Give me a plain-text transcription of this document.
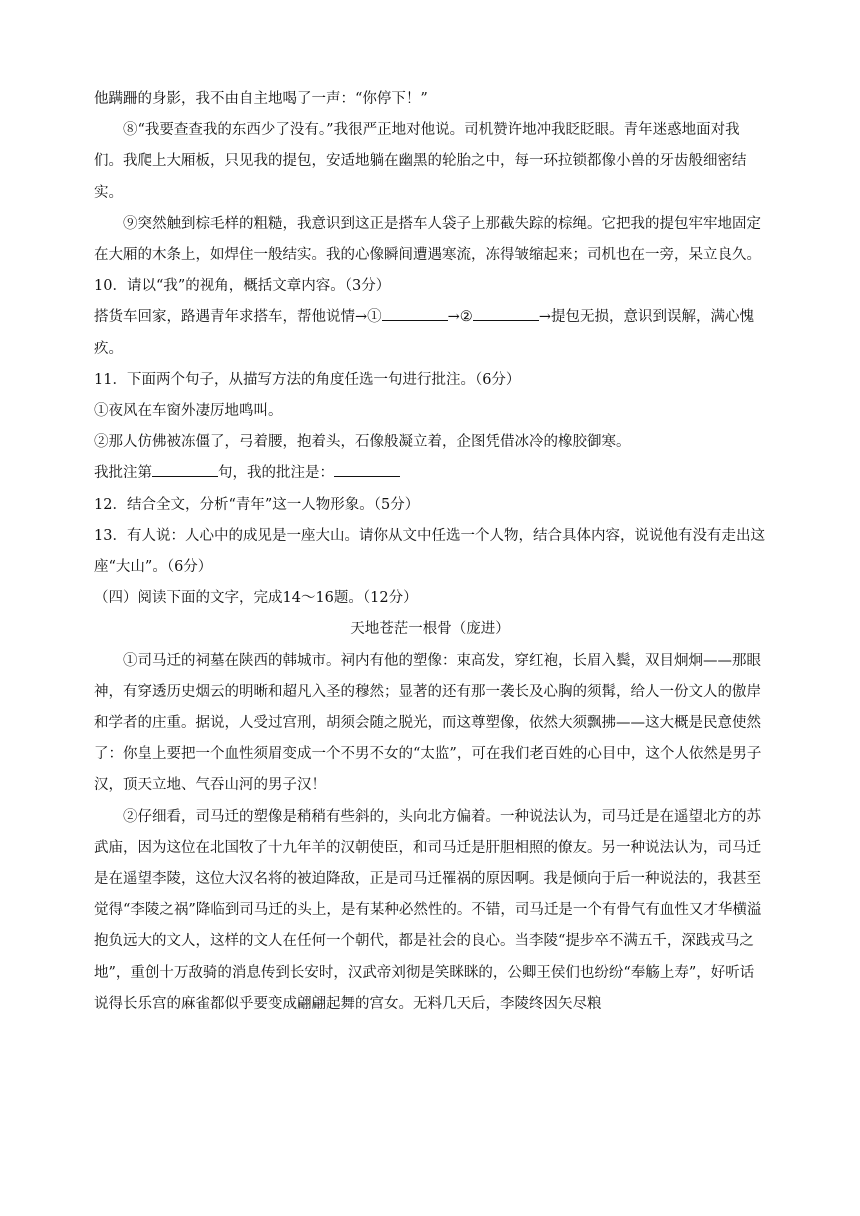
他蹒跚的身影，我不由自主地喝了一声：“你停下！”

⑧“我要查查我的东西少了没有。”我很严正地对他说。司机赞许地冲我眨眨眼。青年迷惑地面对我们。我爬上大厢板，只见我的提包，安适地躺在幽黑的轮胎之中，每一环拉锁都像小兽的牙齿般细密结实。

⑨突然触到棕毛样的粗糙，我意识到这正是搭车人袋子上那截失踪的棕绳。它把我的提包牢牢地固定在大厢的木条上，如焊住一般结实。我的心像瞬间遭遇寒流，冻得皱缩起来；司机也在一旁，呆立良久。

10．请以“我”的视角，概括文章内容。（3分）

搭货车回家，路遇青年求搭车，帮他说情→①	→②	→提包无损，意识到误解，满心愧疚。

11．下面两个句子，从描写方法的角度任选一句进行批注。（6分）

①夜风在车窗外凄厉地鸣叫。

②那人仿佛被冻僵了，弓着腰，抱着头，石像般凝立着，企图凭借冰冷的橡胶御寒。

我批注第	句，我的批注是：

12．结合全文，分析“青年”这一人物形象。（5分）

13．有人说：人心中的成见是一座大山。请你从文中任选一个人物，结合具体内容，说说他有没有走出这座“大山”。（6分）

（四）阅读下面的文字，完成14～16题。（12分）

天地苍茫一根骨（庞进）

①司马迁的祠墓在陕西的韩城市。祠内有他的塑像：束高发，穿红袍，长眉入鬓，双目炯炯——那眼神，有穿透历史烟云的明晰和超凡入圣的穆然；显著的还有那一袭长及心胸的须髯，给人一份文人的傲岸和学者的庄重。据说，人受过宫刑，胡须会随之脱光，而这尊塑像，依然大须飘拂——这大概是民意使然了：你皇上要把一个血性须眉变成一个不男不女的“太监”，可在我们老百姓的心目中，这个人依然是男子汉，顶天立地、气吞山河的男子汉！

②仔细看，司马迁的塑像是稍稍有些斜的，头向北方偏着。一种说法认为，司马迁是在遥望北方的苏武庙，因为这位在北国牧了十九年羊的汉朝使臣，和司马迁是肝胆相照的僚友。另一种说法认为，司马迁是在遥望李陵，这位大汉名将的被迫降敌，正是司马迁罹祸的原因啊。我是倾向于后一种说法的，我甚至觉得“李陵之祸”降临到司马迁的头上，是有某种必然性的。不错，司马迁是一个有骨气有血性又才华横溢抱负远大的文人，这样的文人在任何一个朝代，都是社会的良心。当李陵“提步卒不满五千，深践戎马之地”，重创十万敌骑的消息传到长安时，汉武帝刘彻是笑眯眯的，公卿王侯们也纷纷“奉觞上寿”，好听话说得长乐宫的麻雀都似乎要变成翩翩起舞的宫女。无料几天后，李陵终因矢尽粮
